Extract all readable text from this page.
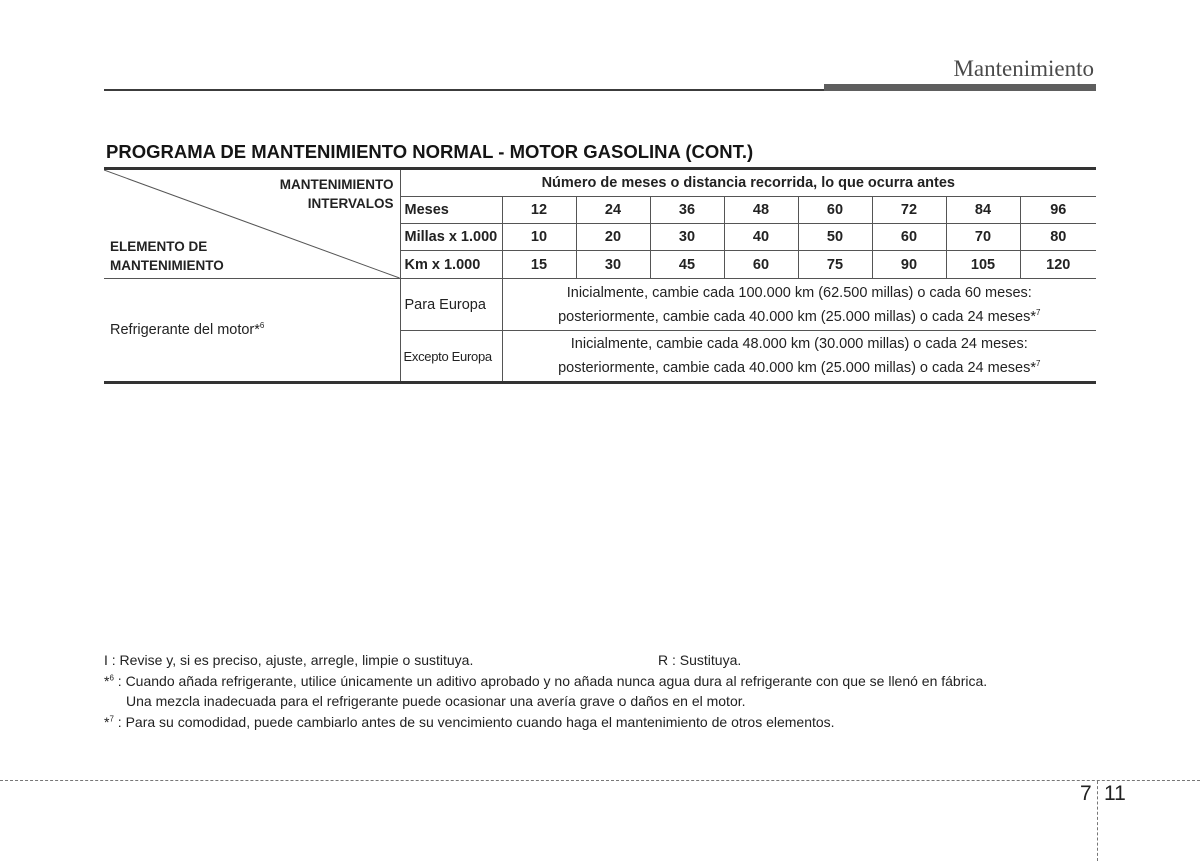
Mantenimiento
PROGRAMA DE MANTENIMIENTO NORMAL - MOTOR GASOLINA (CONT.)
MANTENIMIENTO
INTERVALOS
ELEMENTO DE
MANTENIMIENTO	Número de meses o distancia recorrida, lo que ocurra antes								
	Meses	12	24	36	48	60	72	84	96
	Millas x 1.000	10	20	30	40	50	60	70	80
	Km x 1.000	15	30	45	60	75	90	105	120
Refrigerante del motor*$^6$	Para Europa	Inicialmente, cambie cada 100.000 km (62.500 millas) o cada 60 meses:
posteriormente, cambie cada 40.000 km (25.000 millas) o cada 24 meses*$^7$

	Excepto Europa	Inicialmente, cambie cada 48.000 km (30.000 millas) o cada 24 meses:
posteriormente, cambie cada 40.000 km (25.000 millas) o cada 24 meses*$^7$
I : Revise y, si es preciso, ajuste, arregle, limpie o sustituya.	R : Sustituya.
*$^6$ : Cuando añada refrigerante, utilice únicamente un aditivo aprobado y no añada nunca agua dura al refrigerante con que se llenó en fábrica.
Una mezcla inadecuada para el refrigerante puede ocasionar una avería grave o daños en el motor.
*$^7$ : Para su comodidad, puede cambiarlo antes de su vencimiento cuando haga el mantenimiento de otros elementos.
7 11
